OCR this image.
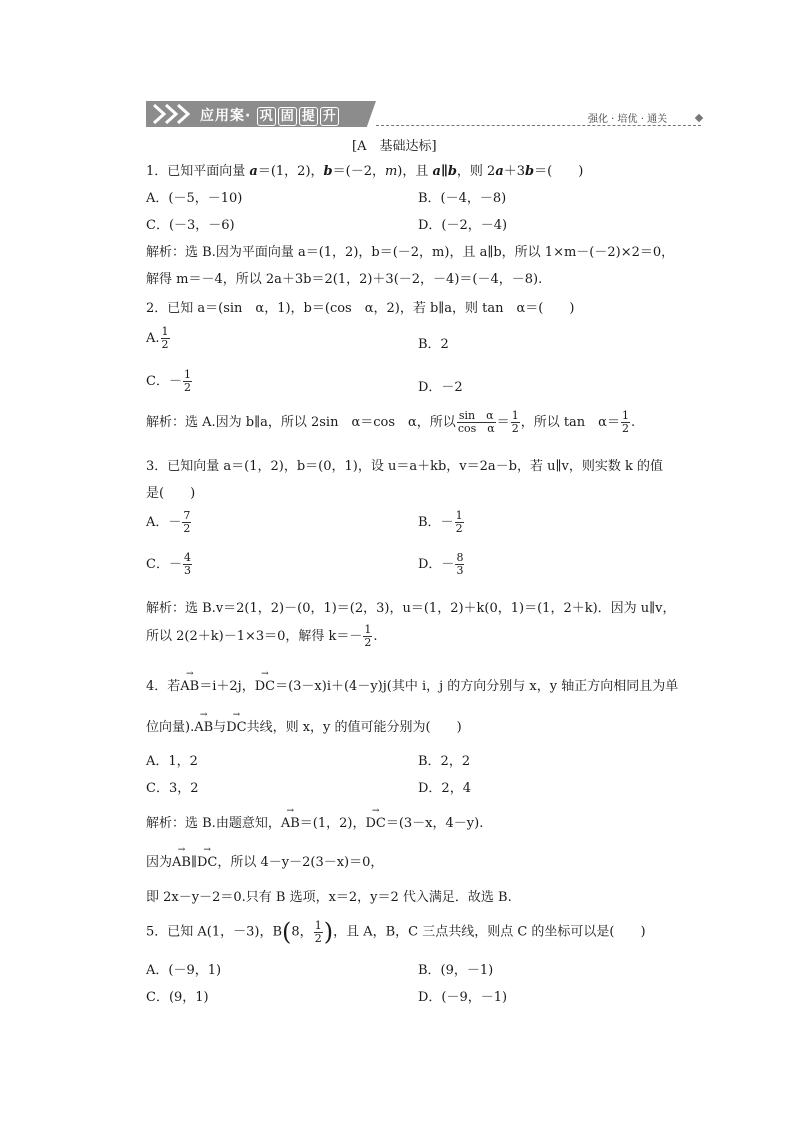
应用案· 巩 固 提 升	强化 · 培优 · 通关
[A　基础达标]
1．已知平面向量 a＝(1，2)，b＝(－2，m)，且 a∥b，则 2a＋3b＝(　　)
A．(－5，－10)	B．(－4，－8)
C．(－3，－6)	D．(－2，－4)
解析：选 B.因为平面向量 a＝(1，2)，b＝(－2，m)，且 a∥b，所以 1×m－(－2)×2＝0，
解得 m＝－4，所以 2a＋3b＝2(1，2)＋3(－2，－4)＝(－4，－8).
2．已知 a＝(sin　α，1)，b＝(cos　α，2)，若 b∥a，则 tan　α＝(　　)
A. $\frac{1}{2}$	B．2
C．－ $\frac{1}{2}$	D．－2
解析：选 A.因为 b∥a，所以 2sin　α＝cos　α，所以 $\frac{\text{sin　α}}{\text{cos　α}} = \frac{1}{2}$ ，所以 tan　$\alpha= \frac{1}{2}$ .
3．已知向量 a＝(1，2)，b＝(0，1)，设 u＝a＋kb，v＝2a－b，若 u∥v，则实数 k 的值
是(　　)
A．－ $\frac{7}{2}$	B．－ $\frac{1}{2}$
C．－ $\frac{4}{3}$	D．－ $\frac{8}{3}$
解析：选 B.v＝2(1，2)－(0，1)＝(2，3)，u＝(1，2)＋k(0，1)＝(1，2＋k)．因为 u∥v，
所以 2(2＋k)－1×3＝0，解得 $k=- \frac{1}{2}$ .
4．若→ AB＝i＋2j，→ DC＝(3－x)i＋(4－y)j(其中 i，j 的方向分别与 x，y 轴正方向相同且为单
位向量).→ AB与→ DC共线，则 x，y 的值可能分别为(　　)
A．1，2	B．2，2
C．3，2	D．2，4
解析：选 B.由题意知，→ AB＝(1，2)，→ DC＝(3－x，4－y).
因为→ AB∥→ DC，所以 4－y－2(3－x)＝0，
即 2x－y－2＝0.只有 B 选项，x＝2，y＝2 代入满足．故选 B.
5．已知 A(1，－3)，B(8， $\frac{1}{2}$ )，且 A，B，C 三点共线，则点 C 的坐标可以是(　　)
A．(－9，1)	B．(9，－1)
C．(9，1)	D．(－9，－1)
